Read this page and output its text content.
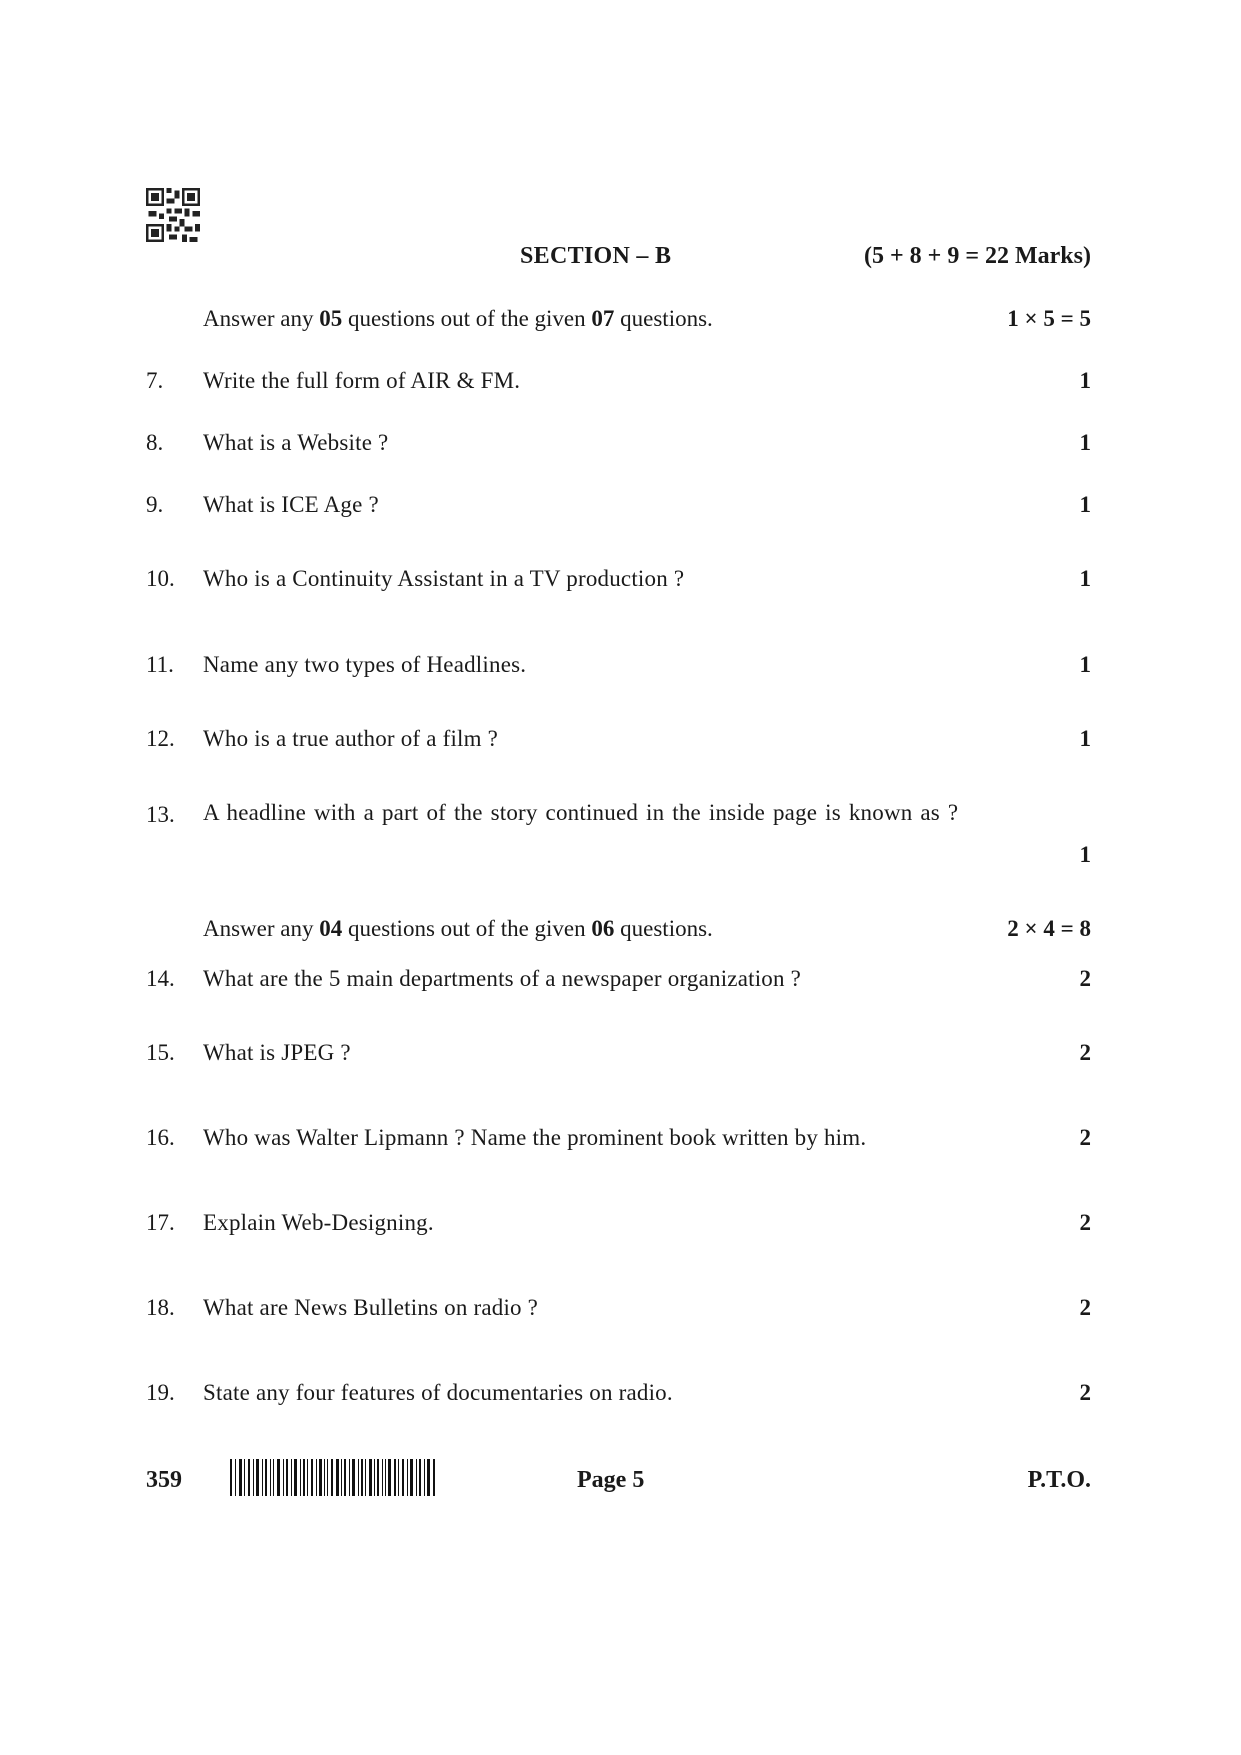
SECTION – B	(5 + 8 + 9 = 22 Marks)
Answer any 05 questions out of the given 07 questions.	1 × 5 = 5
7. Write the full form of AIR & FM.	1
8. What is a Website ?	1
9. What is ICE Age ?	1
10. Who is a Continuity Assistant in a TV production ?	1
11. Name any two types of Headlines.	1
12. Who is a true author of a film ?	1
13. A headline with a part of the story continued in the inside page is known as ?
1
Answer any 04 questions out of the given 06 questions.	2 × 4 = 8
14. What are the 5 main departments of a newspaper organization ?	2
15. What is JPEG ?	2
16. Who was Walter Lipmann ? Name the prominent book written by him.	2
17. Explain Web-Designing.	2
18. What are News Bulletins on radio ?	2
19. State any four features of documentaries on radio.	2
359	Page 5	P.T.O.
